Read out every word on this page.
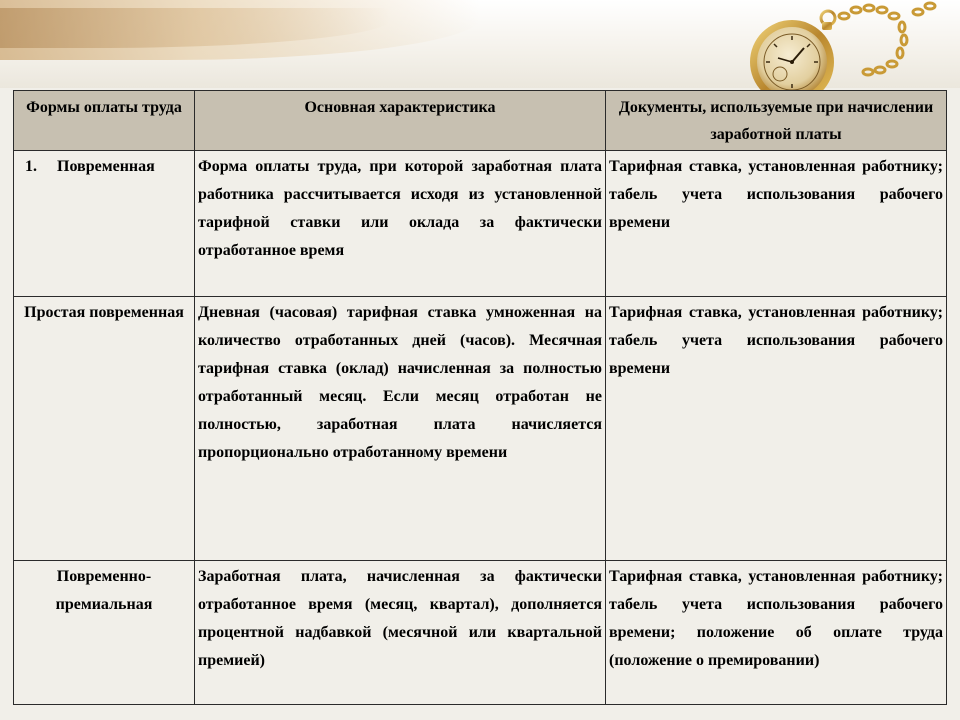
Формы оплаты труда	Основная характеристика	Документы, используемые при начислении заработной платы
1. Повременная	Форма оплаты труда, при которой заработная плата работника рассчитывается исходя из установленной тарифной ставки или оклада за фактически отработанное время	Тарифная ставка, установленная работнику; табель учета использования рабочего времени
Простая повременная	Дневная (часовая) тарифная ставка умноженная на количество отработанных дней (часов). Месячная тарифная ставка (оклад) начисленная за полностью отработанный месяц. Если месяц отработан не полностью, заработная плата начисляется пропорционально отработанному времени	Тарифная ставка, установленная работнику; табель учета использования рабочего времени
Повременно-премиальная	Заработная плата, начисленная за фактически отработанное время (месяц, квартал), дополняется процентной надбавкой (месячной или квартальной премией)	Тарифная ставка, установленная работнику; табель учета использования рабочего времени; положение об оплате труда (положение о премировании)
